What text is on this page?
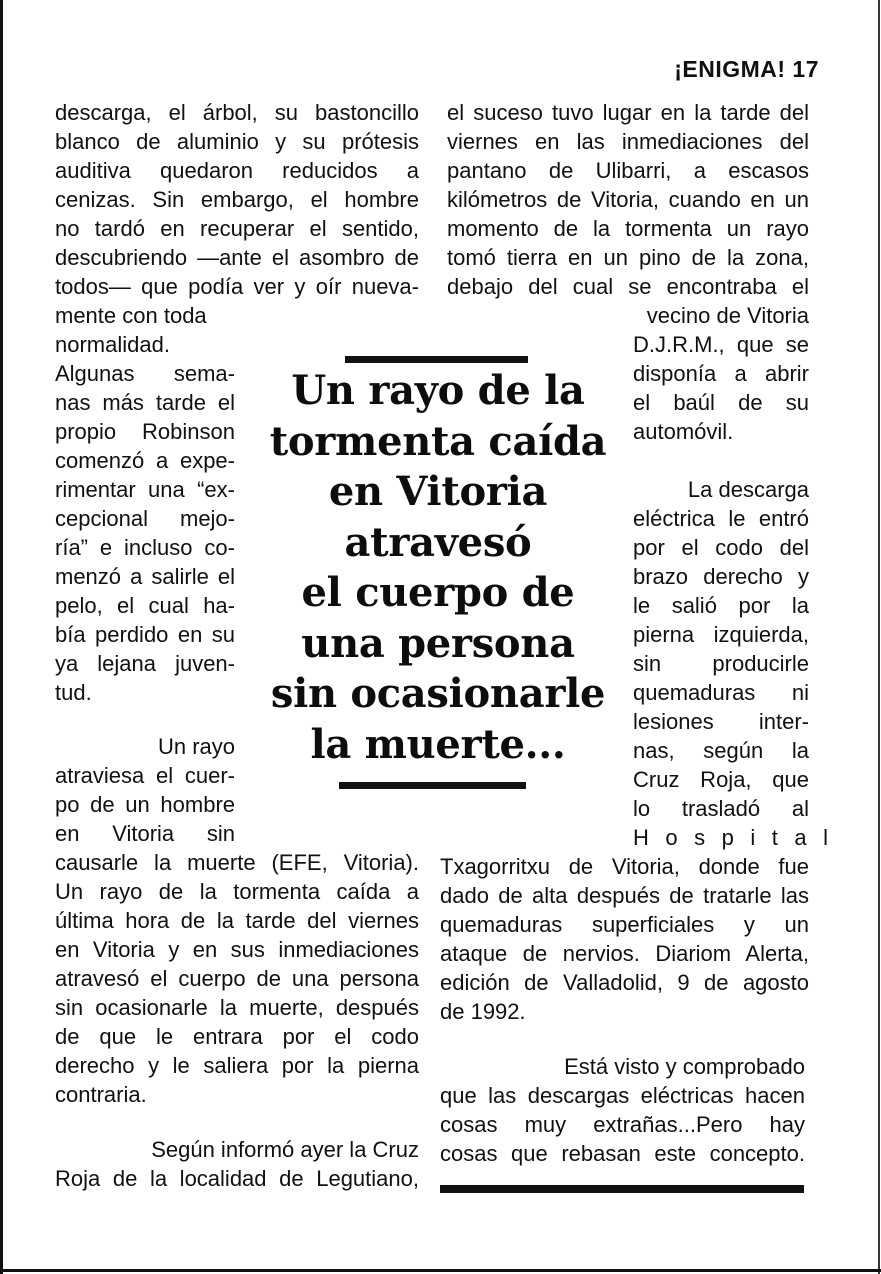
¡ENIGMA! 17
descarga, el árbol, su bastoncillo
blanco de aluminio y su prótesis
auditiva quedaron reducidos a
cenizas. Sin embargo, el hombre
no tardó en recuperar el sentido,
descubriendo —ante el asombro de
todos— que podía ver y oír nueva-
mente con toda
normalidad.
Algunas sema-
nas más tarde el
propio Robinson
comenzó a expe-
rimentar una “ex-
cepcional mejo-
ría” e incluso co-
menzó a salirle el
pelo, el cual ha-
bía perdido en su
ya lejana juven-
tud.
Un rayo
atraviesa el cuer-
po de un hombre
en Vitoria sin
causarle la muerte (EFE, Vitoria).
Un rayo de la tormenta caída a
última hora de la tarde del viernes
en Vitoria y en sus inmediaciones
atravesó el cuerpo de una persona
sin ocasionarle la muerte, después
de que le entrara por el codo
derecho y le saliera por la pierna
contraria.
Según informó ayer la Cruz
Roja de la localidad de Legutiano,
Un rayo de la
tormenta caída
en Vitoria
atravesó
el cuerpo de
una persona
sin ocasionarle
la muerte...
el suceso tuvo lugar en la tarde del
viernes en las inmediaciones del
pantano de Ulibarri, a escasos
kilómetros de Vitoria, cuando en un
momento de la tormenta un rayo
tomó tierra en un pino de la zona,
debajo del cual se encontraba el
vecino de Vitoria
D.J.R.M., que se
disponía a abrir
el baúl de su
automóvil.
La descarga
eléctrica le entró
por el codo del
brazo derecho y
le salió por la
pierna izquierda,
sin producirle
quemaduras ni
lesiones inter-
nas, según la
Cruz Roja, que
lo trasladó al
Hospital
Txagorritxu de Vitoria, donde fue
dado de alta después de tratarle las
quemaduras superficiales y un
ataque de nervios. Diariom Alerta,
edición de Valladolid, 9 de agosto
de 1992.
Está visto y comprobado
que las descargas eléctricas hacen
cosas muy extrañas...Pero hay
cosas que rebasan este concepto.
